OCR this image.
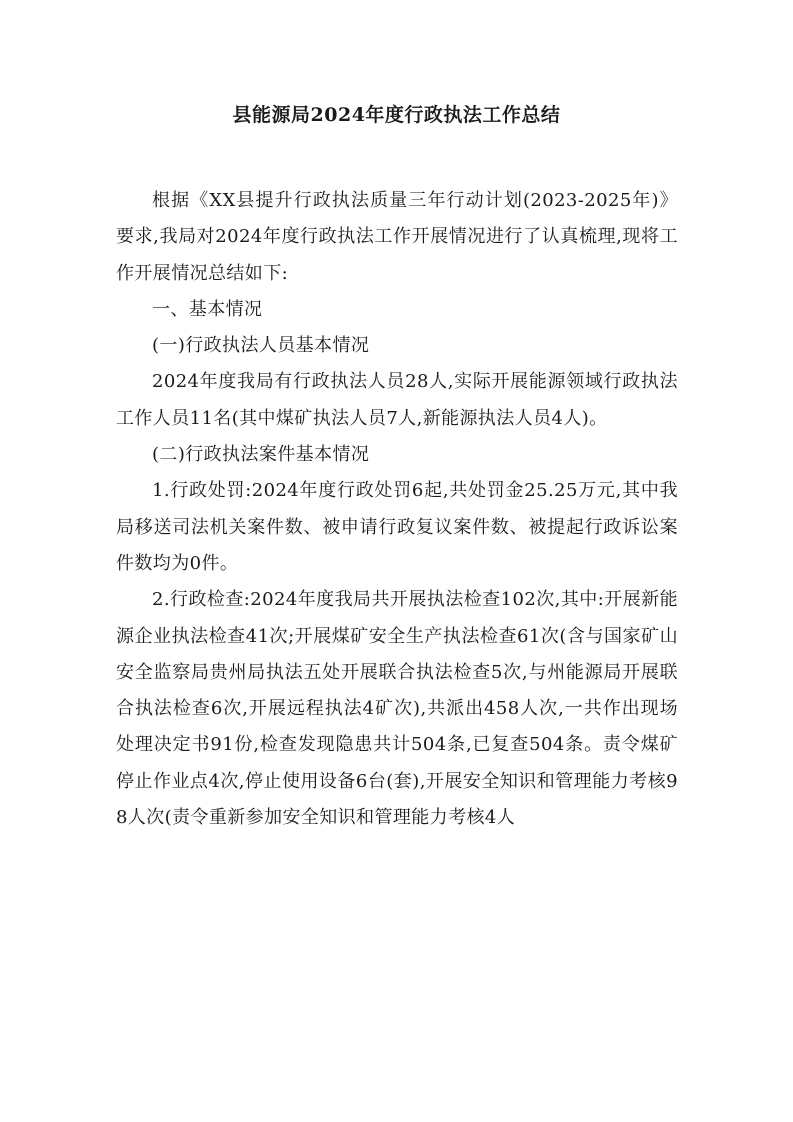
县能源局2024年度行政执法工作总结

根据《XX县提升行政执法质量三年行动计划(2023-2025年)》要求,我局对2024年度行政执法工作开展情况进行了认真梳理,现将工作开展情况总结如下:

一、基本情况

(一)行政执法人员基本情况

2024年度我局有行政执法人员28人,实际开展能源领域行政执法工作人员11名(其中煤矿执法人员7人,新能源执法人员4人)。

(二)行政执法案件基本情况

1.行政处罚:2024年度行政处罚6起,共处罚金25.25万元,其中我局移送司法机关案件数、被申请行政复议案件数、被提起行政诉讼案件数均为0件。

2.行政检查:2024年度我局共开展执法检查102次,其中:开展新能源企业执法检查41次;开展煤矿安全生产执法检查61次(含与国家矿山安全监察局贵州局执法五处开展联合执法检查5次,与州能源局开展联合执法检查6次,开展远程执法4矿次),共派出458人次,一共作出现场处理决定书91份,检查发现隐患共计504条,已复查504条。责令煤矿停止作业点4次,停止使用设备6台(套),开展安全知识和管理能力考核98人次(责令重新参加安全知识和管理能力考核4人
